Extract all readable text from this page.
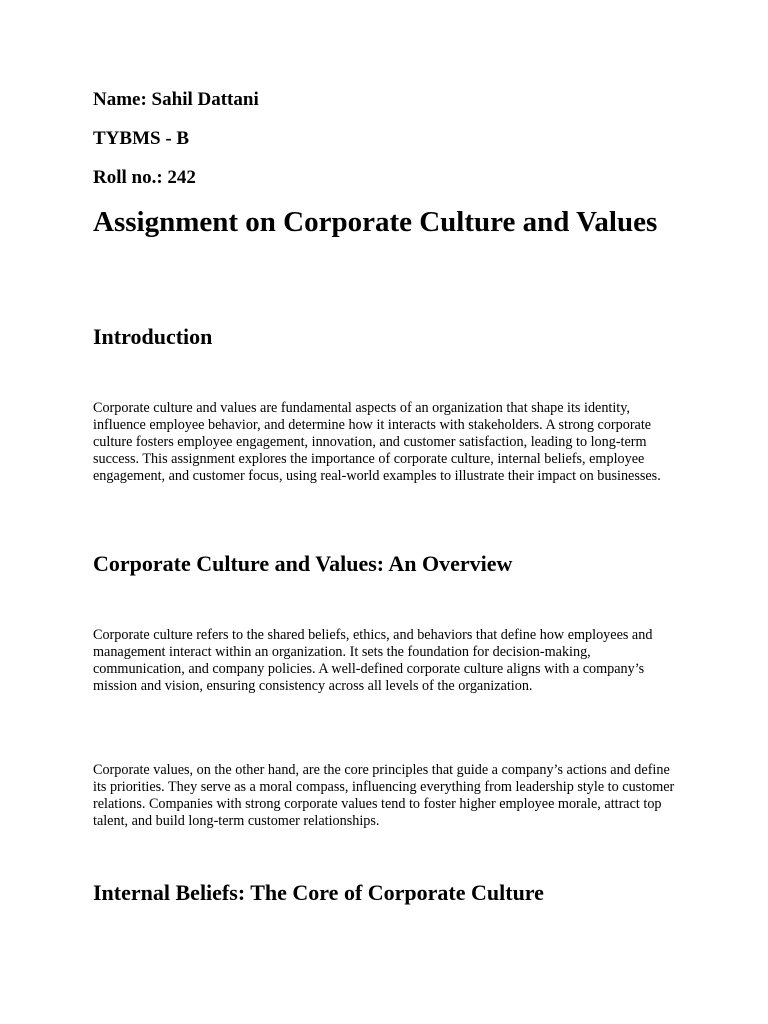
Name: Sahil Dattani

TYBMS - B

Roll no.: 242

Assignment on Corporate Culture and Values
Introduction

Corporate culture and values are fundamental aspects of an organization that shape its identity, influence employee behavior, and determine how it interacts with stakeholders. A strong corporate culture fosters employee engagement, innovation, and customer satisfaction, leading to long-term success. This assignment explores the importance of corporate culture, internal beliefs, employee engagement, and customer focus, using real-world examples to illustrate their impact on businesses.

Corporate Culture and Values: An Overview

Corporate culture refers to the shared beliefs, ethics, and behaviors that define how employees and management interact within an organization. It sets the foundation for decision-making, communication, and company policies. A well-defined corporate culture aligns with a company’s mission and vision, ensuring consistency across all levels of the organization.

Corporate values, on the other hand, are the core principles that guide a company’s actions and define its priorities. They serve as a moral compass, influencing everything from leadership style to customer relations. Companies with strong corporate values tend to foster higher employee morale, attract top talent, and build long-term customer relationships.

Internal Beliefs: The Core of Corporate Culture
